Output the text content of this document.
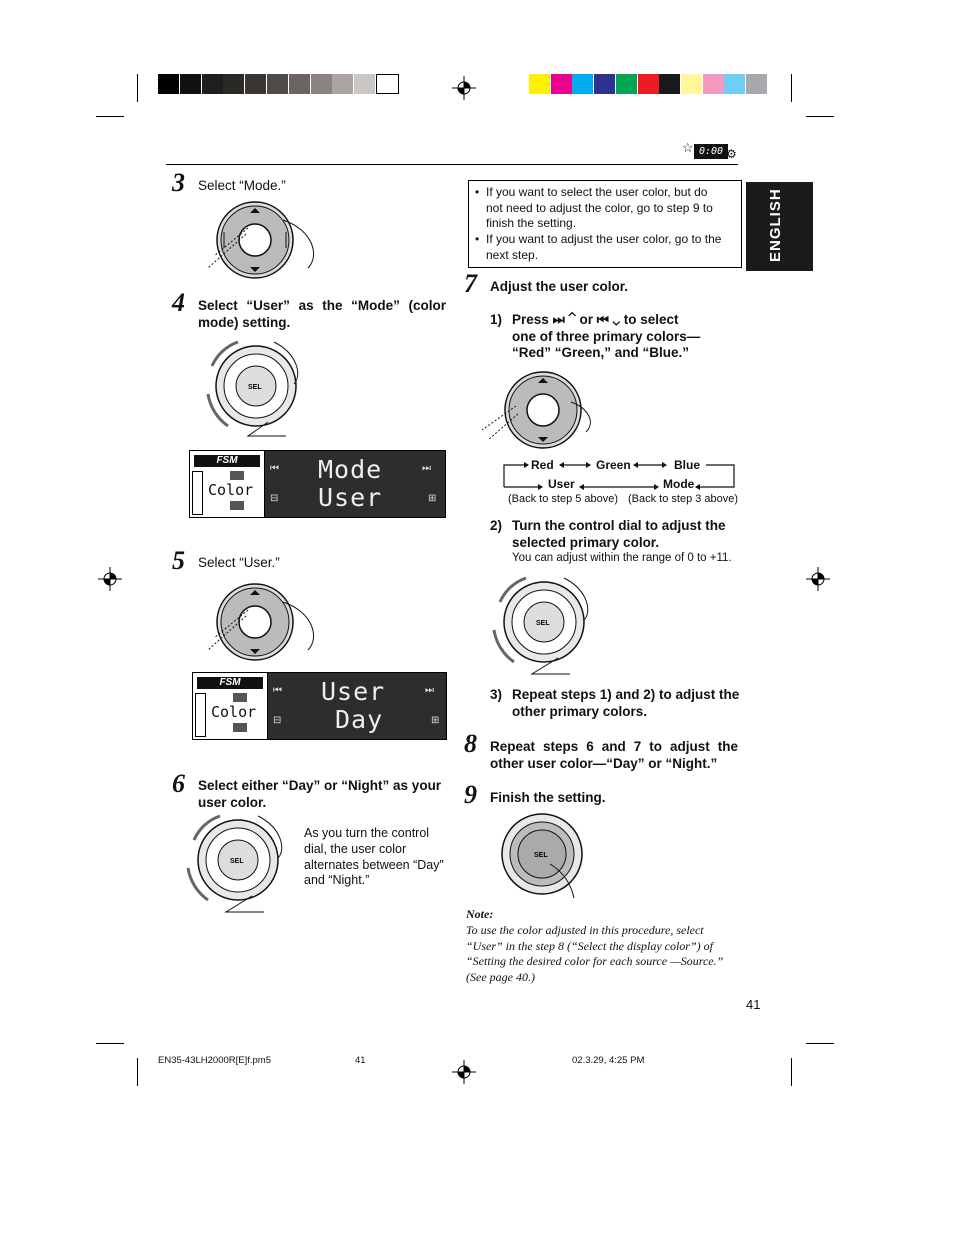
☆ 0:00 ⚙
ENGLISH
3 Select “Mode.”
4 Select “User” as the “Mode” (color mode) setting.
SEL
FSM
Color
⏮	⏭
⊟	⊞
Mode
User
5 Select “User.”
FSM
Color
⏮	⏭
⊟	⊞
User
Day
6 Select either “Day” or “Night” as your user color.
SEL
As you turn the control dial, the user color alternates between “Day” and “Night.”
• If you want to select the user color, but do not need to adjust the color, go to step 9 to finish the setting.
• If you want to adjust the user color, go to the next step.
7 Adjust the user color.
1) Press ⏭ ⌃ or ⏮ ⌄ to select
one of three primary colors—
“Red” “Green,” and “Blue.”
Red	Green	Blue
User	Mode
(Back to step 5 above) (Back to step 3 above)
2) Turn the control dial to adjust the selected primary color.
You can adjust within the range of 0 to +11.
SEL
3) Repeat steps 1) and 2) to adjust the other primary colors.
8 Repeat steps 6 and 7 to adjust the other user color—“Day” or “Night.”
9 Finish the setting.
SEL
Note:
To use the color adjusted in this procedure, select “User” in the step 8 (“Select the display color”) of “Setting the desired color for each source —Source.” (See page 40.)
41
EN35-43LH2000R[E]f.pm5	41	02.3.29, 4:25 PM
